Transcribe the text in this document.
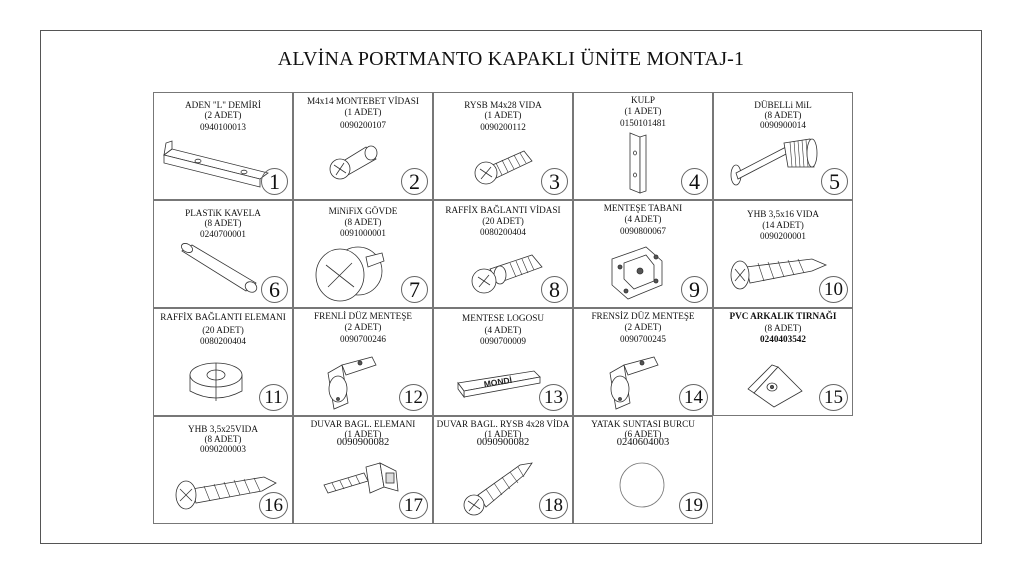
ALVİNA PORTMANTO KAPAKLI ÜNİTE MONTAJ-1
ADEN "L" DEMİRİ
(2 ADET)
0940100013
1
M4x14 MONTEBET VİDASI
(1 ADET)
0090200107
2
RYSB M4x28 VIDA
(1 ADET)
0090200112
3
KULP
(1 ADET)
0150101481
4
DÜBELLi MiL
(8 ADET)
0090900014
5
PLASTiK KAVELA
(8 ADET)
0240700001
6
MiNiFiX GÖVDE
(8 ADET)
0091000001
7
RAFFİX BAĞLANTI VİDASI
(20 ADET)
0080200404
8
MENTEŞE TABANI
(4 ADET)
0090800067
9
YHB 3,5x16 VIDA
(14 ADET)
0090200001
10
RAFFİX BAĞLANTI ELEMANI
(20 ADET)
0080200404
11
FRENLİ DÜZ MENTEŞE
(2 ADET)
0090700246
12
MENTESE LOGOSU
(4 ADET)
0090700009
MONDİ
13
FRENSİZ DÜZ MENTEŞE
(2 ADET)
0090700245
14
PVC ARKALIK TIRNAĞI
(8 ADET)
0240403542
15
YHB 3,5x25VIDA
(8 ADET)
0090200003
16
DUVAR BAGL. ELEMANI
(1 ADET)
0090900082
17
DUVAR BAGL. RYSB 4x28 VİDA
(1 ADET)
0090900082
18
YATAK SUNTASI BURCU
(6 ADET)
0240604003
19
